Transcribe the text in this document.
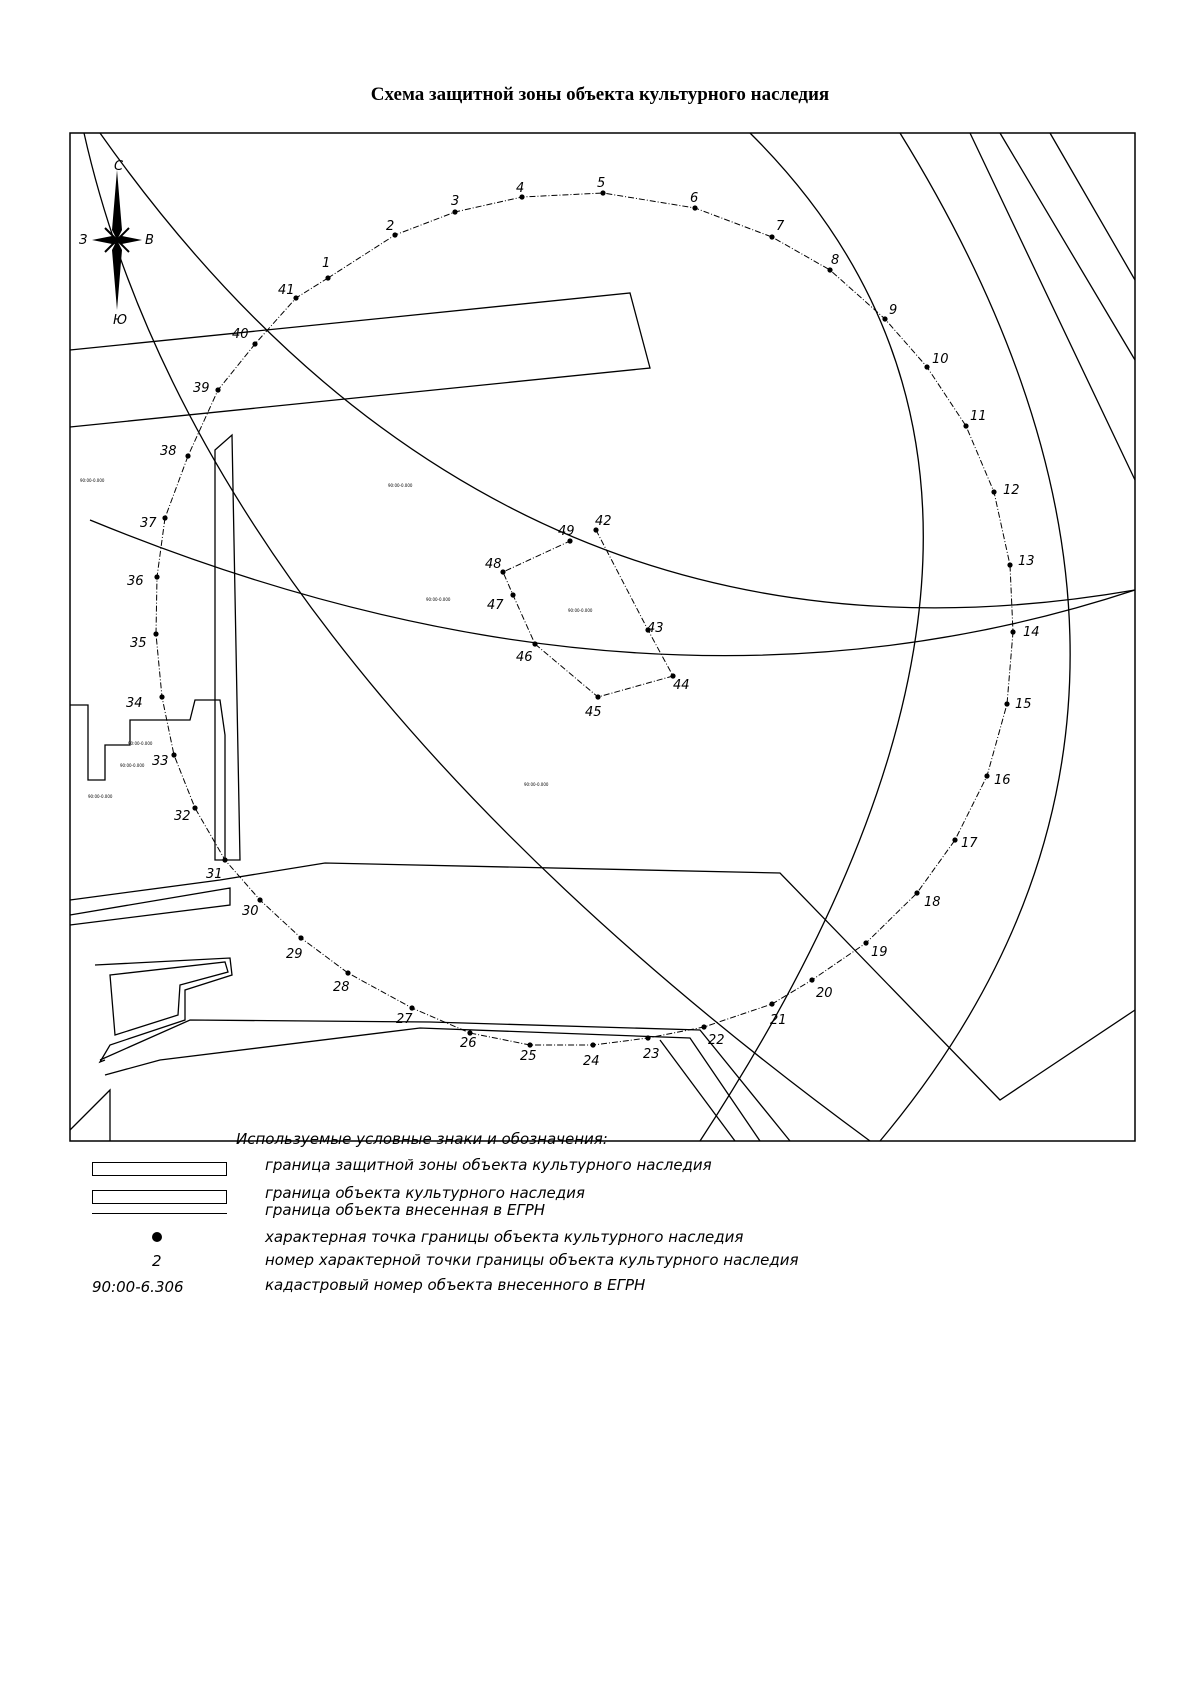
Схема защитной зоны объекта культурного наследия
1
2
3
4	5
6
7
8
9
10
11
12
13
14
15
16
17
18
19
20
21
22
23
24
25
26
27
28
29
30
31
32
33
34
35
36
37
38
39
40
41
42
43
44
45
46
47
48
49
С
Ю
З	В
90:00-0.000
90:00-0.000
90:00-0.000
90:00-0.000
90:00-0.000
90:00-0.000
90:00-0.000
90:00-0.000
Используемые условные знаки и обозначения:
граница защитной зоны объекта культурного наследия
граница объекта культурного наследия
граница объекта внесенная в ЕГРН
характерная точка границы объекта культурного наследия
2	номер характерной точки границы объекта культурного наследия
90:00-6.306	кадастровый номер объекта внесенного в ЕГРН
